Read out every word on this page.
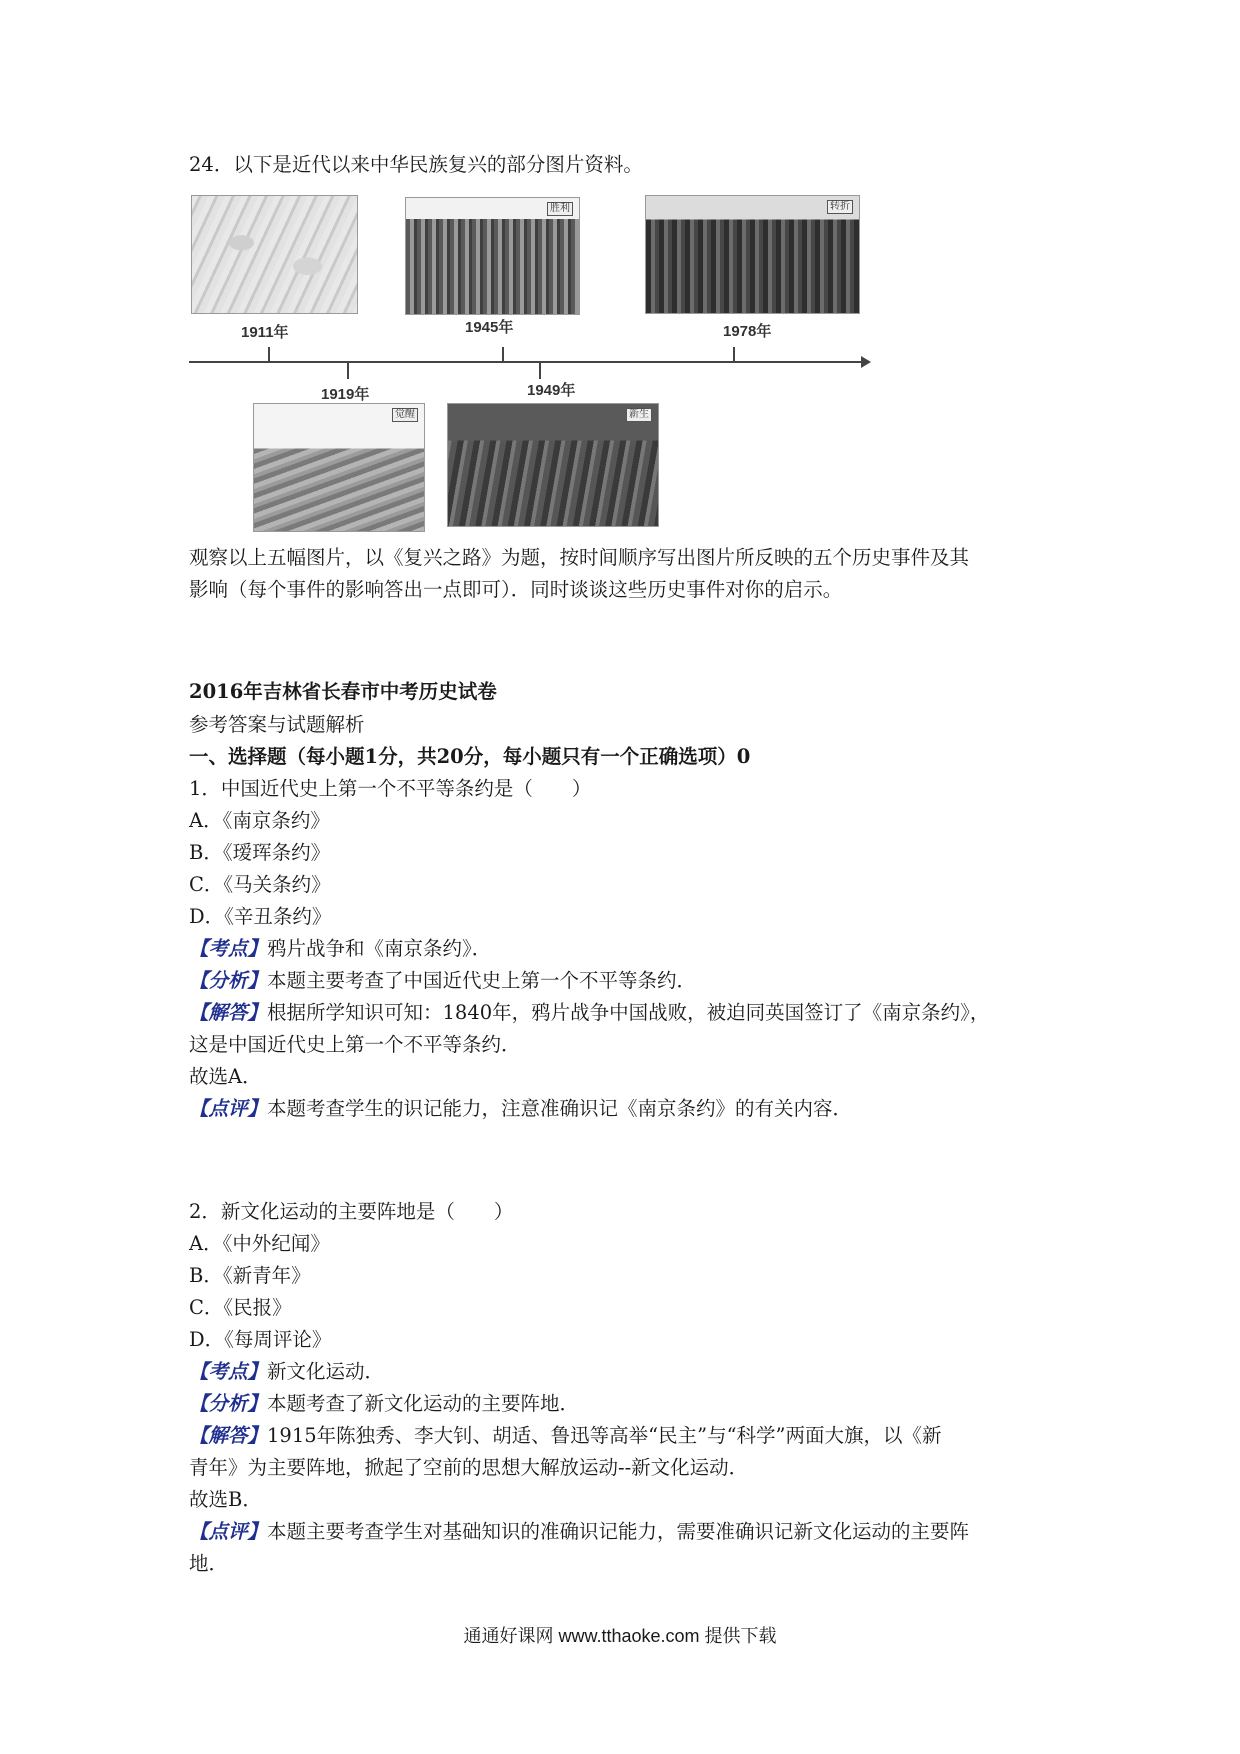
24．以下是近代以来中华民族复兴的部分图片资料。
胜利	转折
1911年	1945年	1978年
1919年	1949年
觉醒	新生
观察以上五幅图片，以《复兴之路》为题，按时间顺序写出图片所反映的五个历史事件及其
影响（每个事件的影响答出一点即可）．同时谈谈这些历史事件对你的启示。
2016年吉林省长春市中考历史试卷
参考答案与试题解析
一、选择题（每小题1分，共20分，每小题只有一个正确选项）0
1．中国近代史上第一个不平等条约是（　　）
A．《南京条约》
B．《瑷珲条约》
C．《马关条约》
D．《辛丑条约》
【考点】鸦片战争和《南京条约》．
【分析】本题主要考查了中国近代史上第一个不平等条约．
【解答】根据所学知识可知：1840年，鸦片战争中国战败，被迫同英国签订了《南京条约》，
这是中国近代史上第一个不平等条约．
故选A．
【点评】本题考查学生的识记能力，注意准确识记《南京条约》的有关内容．
2．新文化运动的主要阵地是（　　）
A．《中外纪闻》
B．《新青年》
C．《民报》
D．《每周评论》
【考点】新文化运动．
【分析】本题考查了新文化运动的主要阵地．
【解答】1915年陈独秀、李大钊、胡适、鲁迅等高举“民主”与“科学”两面大旗，以《新
青年》为主要阵地，掀起了空前的思想大解放运动--新文化运动．
故选B．
【点评】本题主要考查学生对基础知识的准确识记能力，需要准确识记新文化运动的主要阵
地．
通通好课网 www.tthaoke.com 提供下载
